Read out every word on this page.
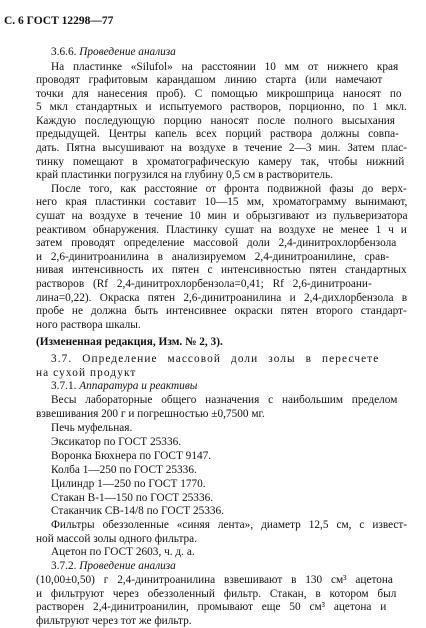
С. 6 ГОСТ 12298—77
3.6.6. Проведение анализа
На пластинке «Silufol» на расстоянии 10 мм от нижнего края
проводят графитовым карандашом линию старта (или намечают
точки для нанесения проб). С помощью микрошприца наносят по
5 мкл стандартных и испытуемого растворов, порционно, по 1 мкл.
Каждую последующую порцию наносят после полного высыхания
предыдущей. Центры капель всех порций раствора должны совпа-
дать. Пятна высушивают на воздухе в течение 2—3 мин. Затем плас-
тинку помещают в хроматографическую камеру так, чтобы нижний
край пластинки погрузился на глубину 0,5 см в растворитель.
После того, как расстояние от фронта подвижной фазы до верх-
него края пластинки составит 10—15 мм, хроматограмму вынимают,
сушат на воздухе в течение 10 мин и обрызгивают из пульверизатора
реактивом обнаружения. Пластинку сушат на воздухе не менее 1 ч и
затем проводят определение массовой доли 2,4-динитрохлорбензола
и 2,6-динитроанилина в анализируемом 2,4-динитроанилине, срав-
нивая интенсивность их пятен с интенсивностью пятен стандартных
растворов (Rf 2,4-динитрохлорбензола=0,41; Rf 2,6-динитроани-
лина=0,22). Окраска пятен 2,6-динитроанилина и 2,4-дихлорбензола в
пробе не должна быть интенсивнее окраски пятен второго стандарт-
ного раствора шкалы.
(Измененная редакция, Изм. № 2, 3).
3.7. Определение массовой доли золы в пересчете
на сухой продукт
3.7.1. Аппаратура и реактивы
Весы лабораторные общего назначения с наибольшим пределом
взвешивания 200 г и погрешностью ±0,7500 мг.
Печь муфельная.
Эксикатор по ГОСТ 25336.
Воронка Бюхнера по ГОСТ 9147.
Колба 1—250 по ГОСТ 25336.
Цилиндр 1—250 по ГОСТ 1770.
Стакан В-1—150 по ГОСТ 25336.
Стаканчик СВ-14/8 по ГОСТ 25336.
Фильтры обеззоленные «синяя лента», диаметр 12,5 см, с извест-
ной массой золы одного фильтра.
Ацетон по ГОСТ 2603, ч. д. а.
3.7.2. Проведение анализа
(10,00±0,50) г 2,4-динитроанилина взвешивают в 130 см³ ацетона
и фильтруют через обеззоленный фильтр. Стакан, в котором был
растворен 2,4-динитроанилин, промывают еще 50 см³ ацетона и
фильтруют через тот же фильтр.
